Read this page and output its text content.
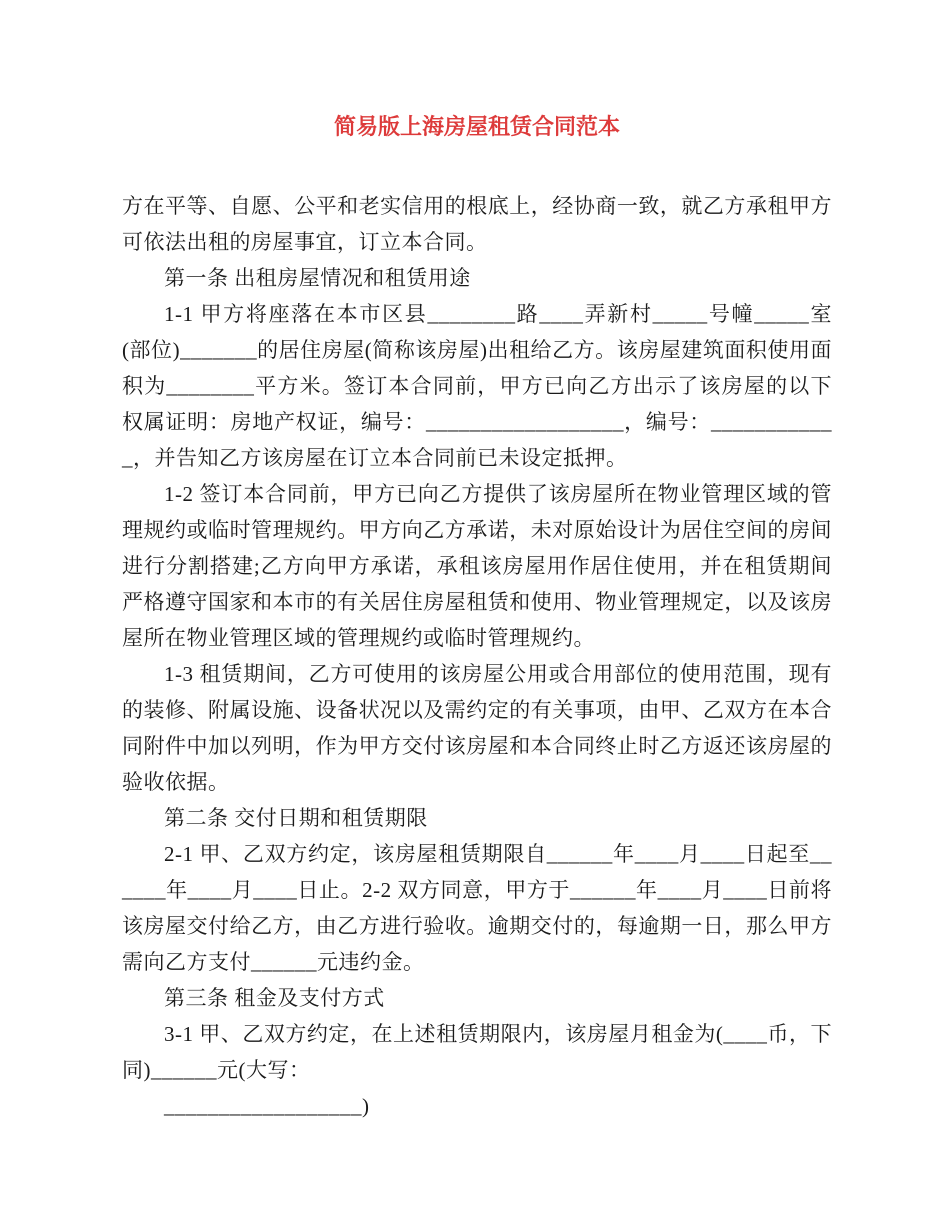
简易版上海房屋租赁合同范本

方在平等、自愿、公平和老实信用的根底上，经协商一致，就乙方承租甲方可依法出租的房屋事宜，订立本合同。

第一条 出租房屋情况和租赁用途

1-1 甲方将座落在本市区县________路____弄新村_____号幢_____室(部位)_______的居住房屋(简称该房屋)出租给乙方。该房屋建筑面积使用面积为________平方米。签订本合同前，甲方已向乙方出示了该房屋的以下权属证明：房地产权证，编号：__________________，编号：____________，并告知乙方该房屋在订立本合同前已未设定抵押。

1-2 签订本合同前，甲方已向乙方提供了该房屋所在物业管理区域的管理规约或临时管理规约。甲方向乙方承诺，未对原始设计为居住空间的房间进行分割搭建;乙方向甲方承诺，承租该房屋用作居住使用，并在租赁期间严格遵守国家和本市的有关居住房屋租赁和使用、物业管理规定，以及该房屋所在物业管理区域的管理规约或临时管理规约。

1-3 租赁期间，乙方可使用的该房屋公用或合用部位的使用范围，现有的装修、附属设施、设备状况以及需约定的有关事项，由甲、乙双方在本合同附件中加以列明，作为甲方交付该房屋和本合同终止时乙方返还该房屋的验收依据。

第二条 交付日期和租赁期限

2-1 甲、乙双方约定，该房屋租赁期限自______年____月____日起至______年____月____日止。2-2 双方同意，甲方于______年____月____日前将该房屋交付给乙方，由乙方进行验收。逾期交付的，每逾期一日，那么甲方需向乙方支付______元违约金。

第三条 租金及支付方式

3-1 甲、乙双方约定，在上述租赁期限内，该房屋月租金为(____币，下同)______元(大写：

__________________)
